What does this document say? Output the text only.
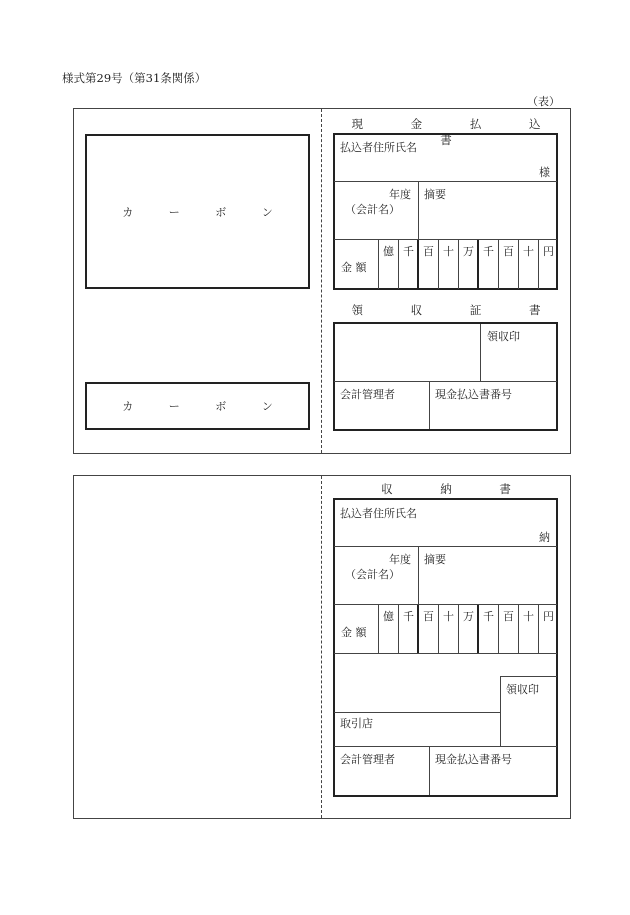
様式第29号（第31条関係）
（表）
カ ー ボ ン
カ ー ボ ン
現 金 払 込 書
払込者住所氏名
様
年度
（会計名）
摘要
金 額
億 千 百 十 万 千 百 十 円
領 収 証 書
領収印
会計管理者	現金払込書番号
収 納 書
払込者住所氏名
納
年度
（会計名）
摘要
金 額
億 千 百 十 万 千 百 十 円
領収印
取引店
会計管理者	現金払込書番号
